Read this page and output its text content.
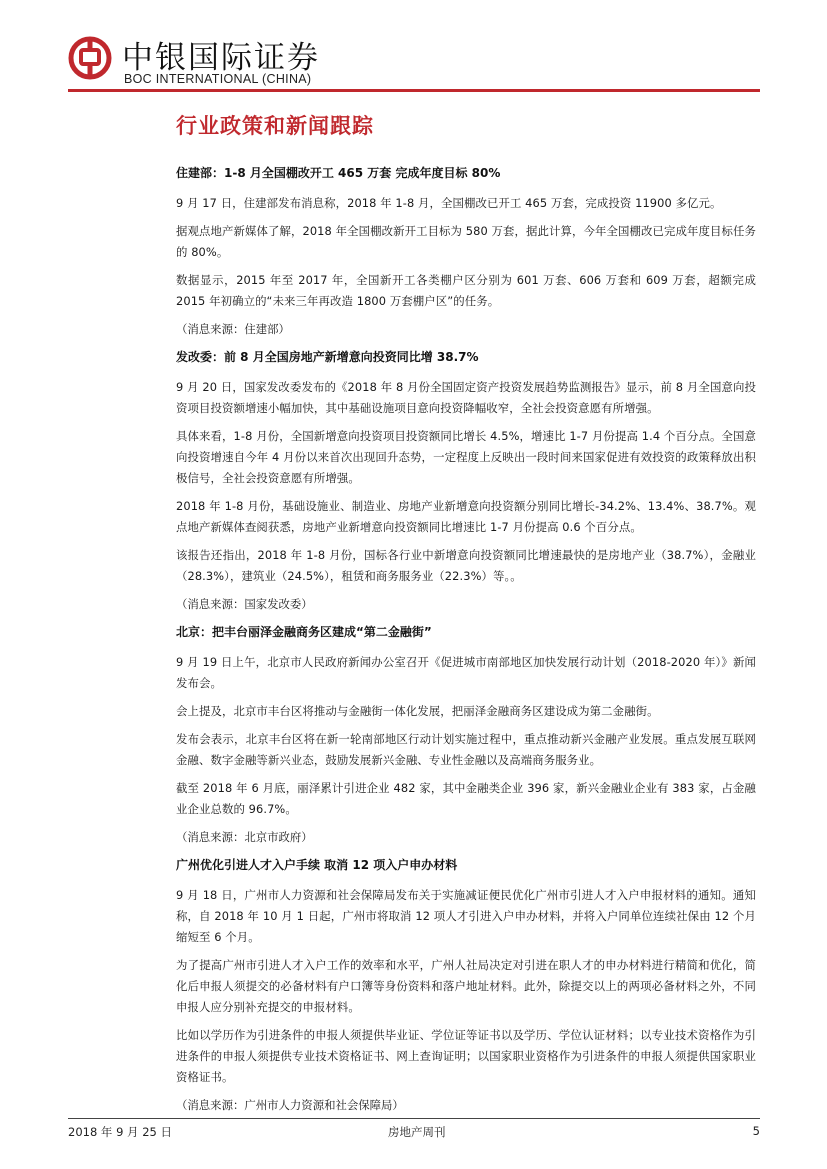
中银国际证券
BOC INTERNATIONAL (CHINA)
行业政策和新闻跟踪
住建部：1-8 月全国棚改开工 465 万套 完成年度目标 80%

9 月 17 日，住建部发布消息称，2018 年 1-8 月，全国棚改已开工 465 万套，完成投资 11900 多亿元。

据观点地产新媒体了解，2018 年全国棚改新开工目标为 580 万套，据此计算，今年全国棚改已完成年度目标任务的 80%。

数据显示，2015 年至 2017 年，全国新开工各类棚户区分别为 601 万套、606 万套和 609 万套，超额完成 2015 年初确立的“未来三年再改造 1800 万套棚户区”的任务。

（消息来源：住建部）

发改委：前 8 月全国房地产新增意向投资同比增 38.7%

9 月 20 日，国家发改委发布的《2018 年 8 月份全国固定资产投资发展趋势监测报告》显示，前 8 月全国意向投资项目投资额增速小幅加快，其中基础设施项目意向投资降幅收窄，全社会投资意愿有所增强。

具体来看，1-8 月份，全国新增意向投资项目投资额同比增长 4.5%，增速比 1-7 月份提高 1.4 个百分点。全国意向投资增速自今年 4 月份以来首次出现回升态势，一定程度上反映出一段时间来国家促进有效投资的政策释放出积极信号，全社会投资意愿有所增强。

2018 年 1-8 月份，基础设施业、制造业、房地产业新增意向投资额分别同比增长-34.2%、13.4%、38.7%。观点地产新媒体查阅获悉，房地产业新增意向投资额同比增速比 1-7 月份提高 0.6 个百分点。

该报告还指出，2018 年 1-8 月份，国标各行业中新增意向投资额同比增速最快的是房地产业（38.7%），金融业（28.3%），建筑业（24.5%），租赁和商务服务业（22.3%）等。。

（消息来源：国家发改委）

北京：把丰台丽泽金融商务区建成“第二金融街”

9 月 19 日上午，北京市人民政府新闻办公室召开《促进城市南部地区加快发展行动计划（2018-2020 年）》新闻发布会。

会上提及，北京市丰台区将推动与金融街一体化发展，把丽泽金融商务区建设成为第二金融街。

发布会表示，北京丰台区将在新一轮南部地区行动计划实施过程中，重点推动新兴金融产业发展。重点发展互联网金融、数字金融等新兴业态，鼓励发展新兴金融、专业性金融以及高端商务服务业。

截至 2018 年 6 月底，丽泽累计引进企业 482 家，其中金融类企业 396 家，新兴金融业企业有 383 家，占金融业企业总数的 96.7%。

（消息来源：北京市政府）

广州优化引进人才入户手续 取消 12 项入户申办材料

9 月 18 日，广州市人力资源和社会保障局发布关于实施减证便民优化广州市引进人才入户申报材料的通知。通知称，自 2018 年 10 月 1 日起，广州市将取消 12 项人才引进入户申办材料，并将入户同单位连续社保由 12 个月缩短至 6 个月。

为了提高广州市引进人才入户工作的效率和水平，广州人社局决定对引进在职人才的申办材料进行精简和优化，简化后申报人须提交的必备材料有户口簿等身份资料和落户地址材料。此外，除提交以上的两项必备材料之外，不同申报人应分别补充提交的申报材料。

比如以学历作为引进条件的申报人须提供毕业证、学位证等证书以及学历、学位认证材料；以专业技术资格作为引进条件的申报人须提供专业技术资格证书、网上查询证明；以国家职业资格作为引进条件的申报人须提供国家职业资格证书。

（消息来源：广州市人力资源和社会保障局）

2018 年 9 月 25 日	房地产周刊	5
